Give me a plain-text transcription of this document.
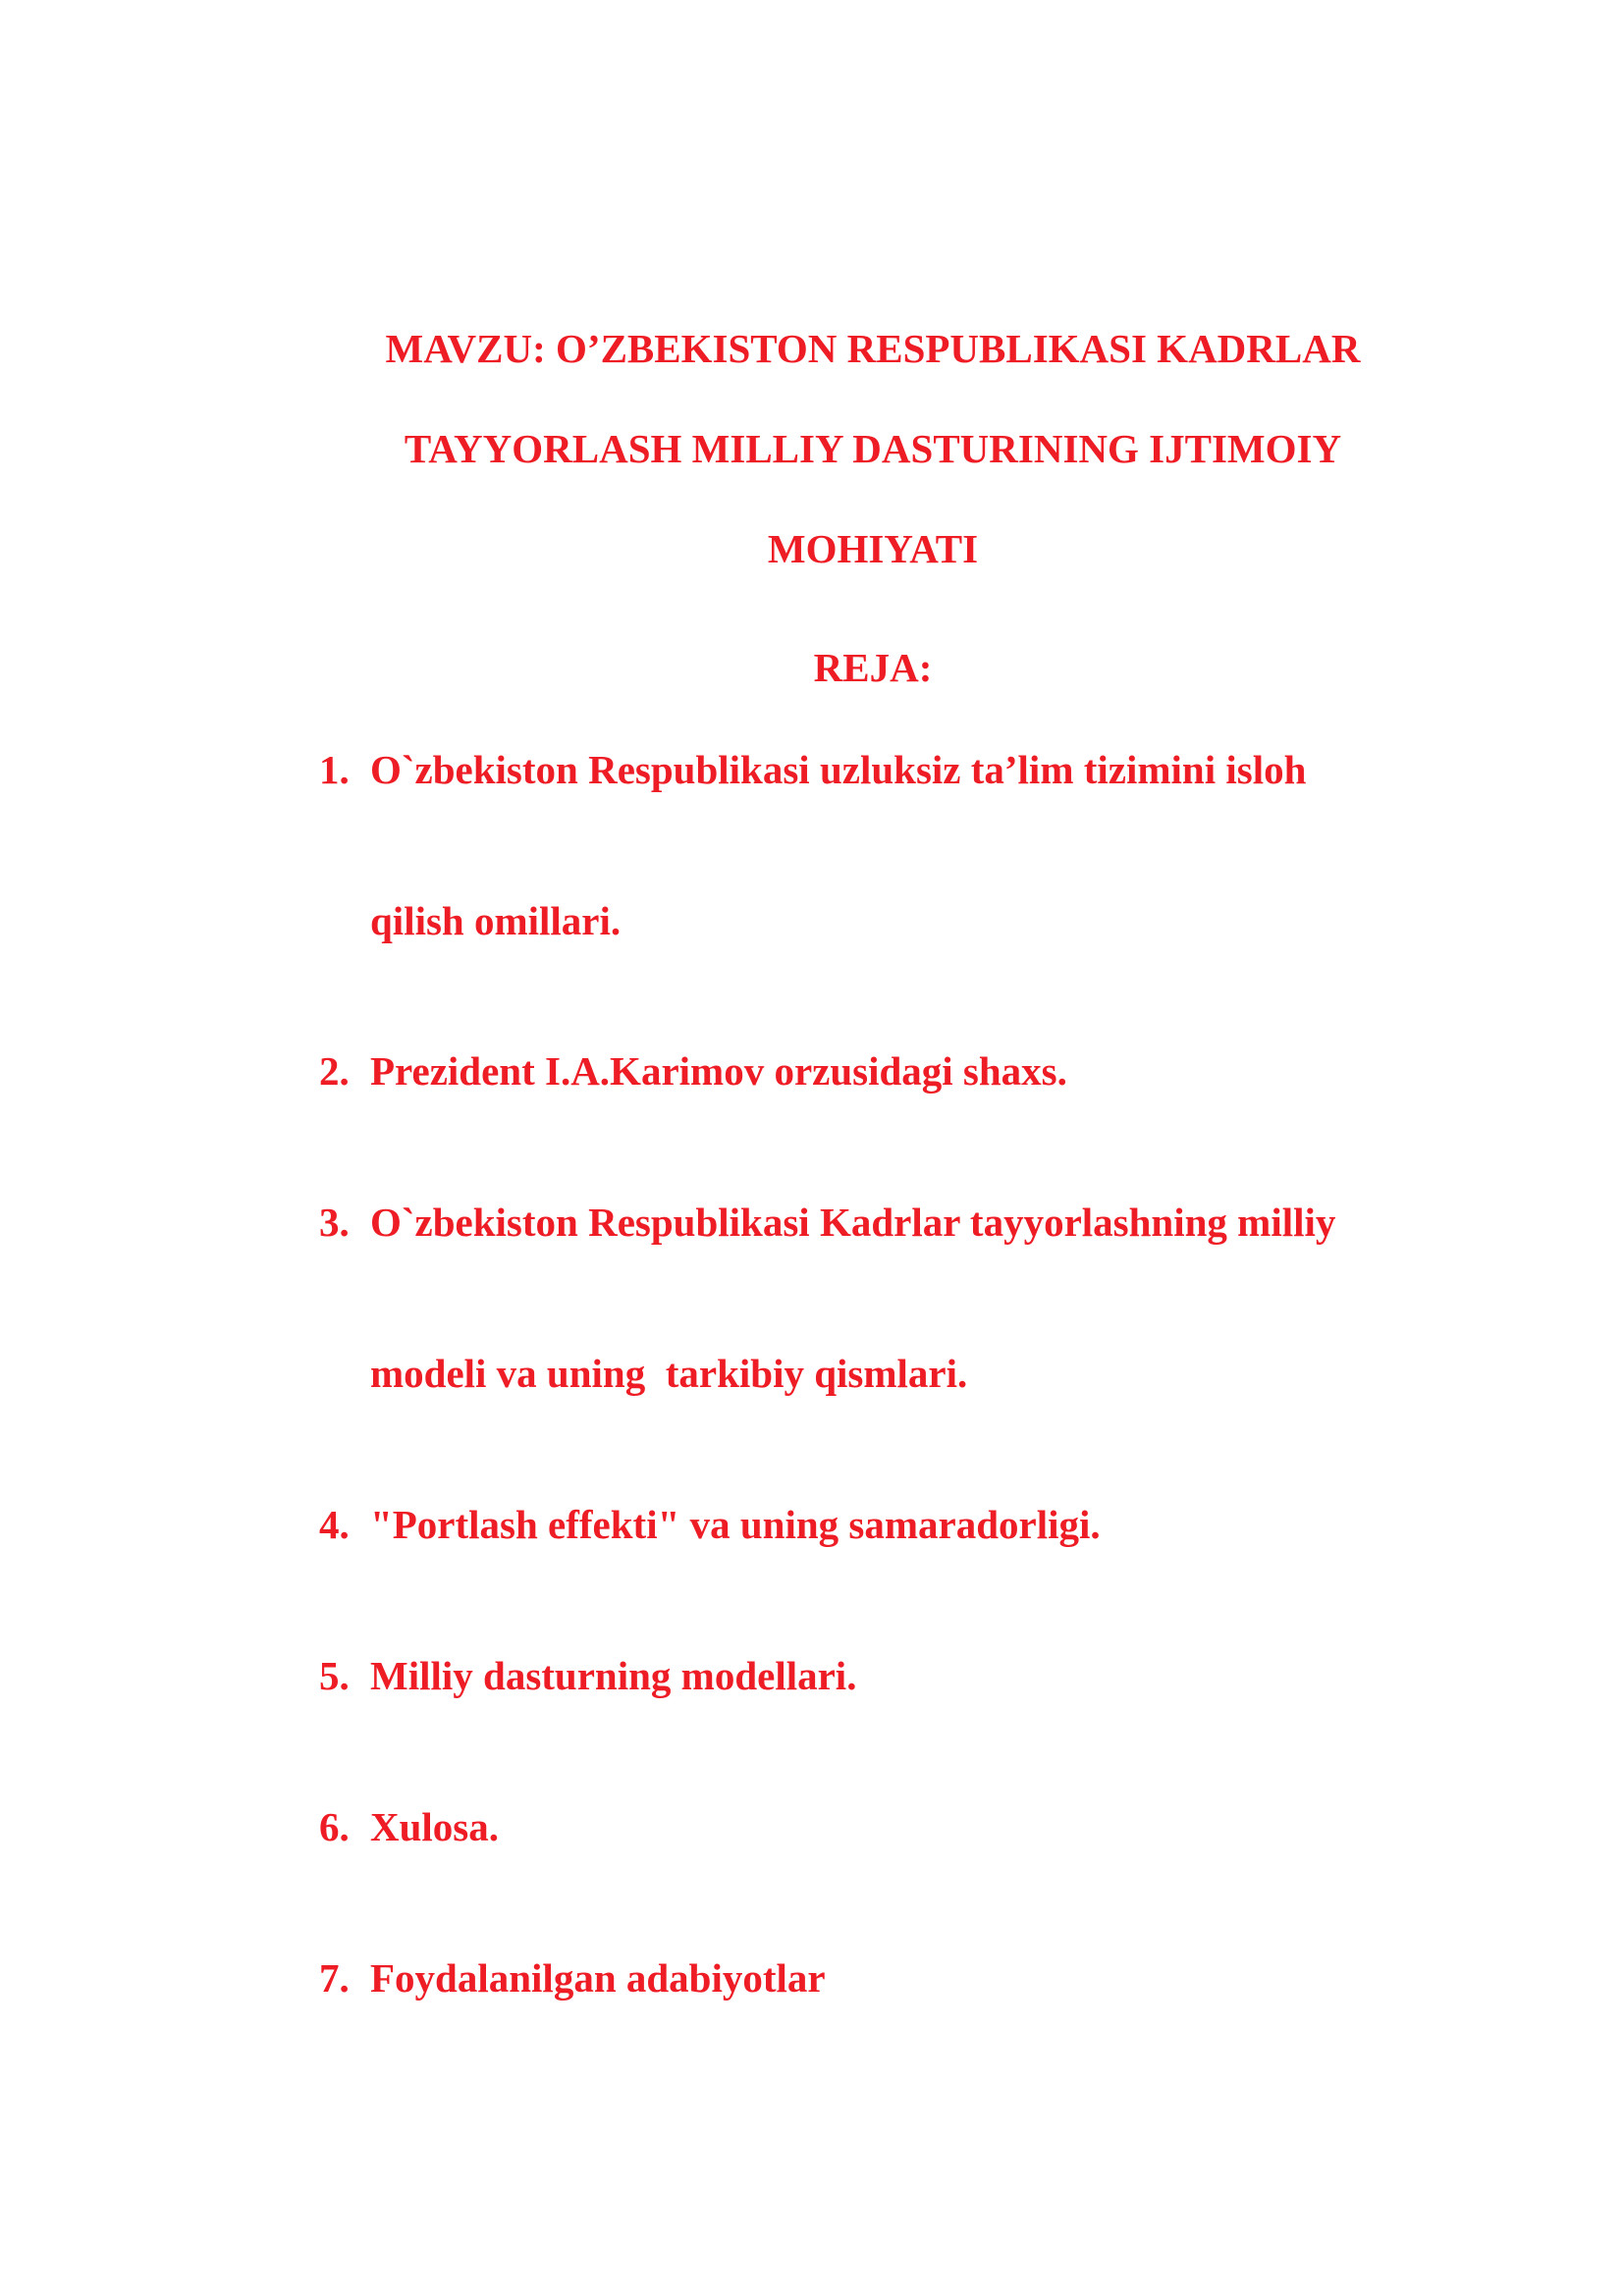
MAVZU: O’ZBEKISTON RESPUBLIKASI KADRLAR
TAYYORLASH MILLIY DASTURINING IJTIMOIY
MOHIYATI
REJA:
1. O`zbekiston Respublikasi uzluksiz ta’lim tizimini isloh
qilish omillari.
2. Prezident I.A.Karimov orzusidagi shaxs.
3. O`zbekiston Respublikasi Kadrlar tayyorlashning milliy
modeli va uning  tarkibiy qismlari.
4. "Portlash effekti" va uning samaradorligi.
5. Milliy dasturning modellari.
6. Xulosa.
7. Foydalanilgan adabiyotlar
